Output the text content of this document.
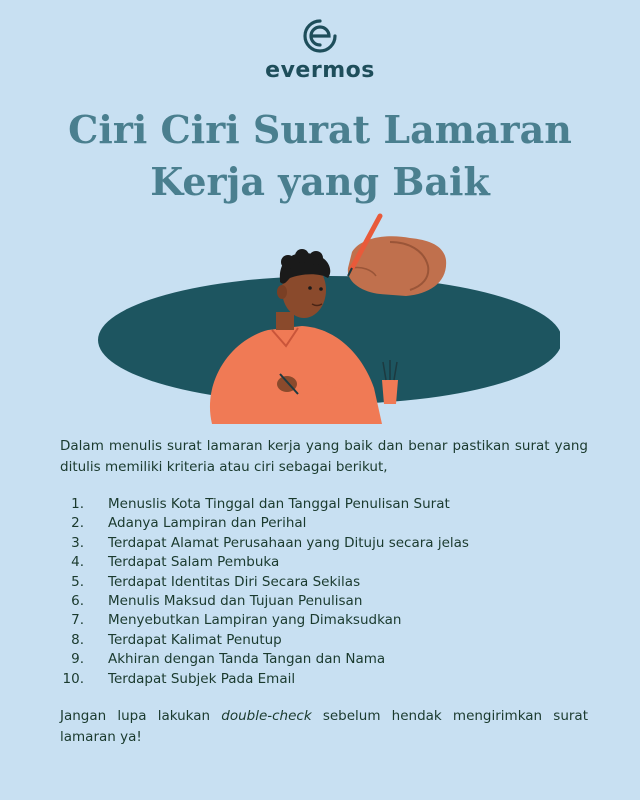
evermos
Ciri Ciri Surat Lamaran
Kerja yang Baik

Dalam menulis surat lamaran kerja yang baik dan benar pastikan surat yang ditulis memiliki kriteria atau ciri sebagai berikut,

1. Menuslis Kota Tinggal dan Tanggal Penulisan Surat
2. Adanya Lampiran dan Perihal
3. Terdapat Alamat Perusahaan yang Dituju secara jelas
4. Terdapat Salam Pembuka
5. Terdapat Identitas Diri Secara Sekilas
6. Menulis Maksud dan Tujuan Penulisan
7. Menyebutkan Lampiran yang Dimaksudkan
8. Terdapat Kalimat Penutup
9. Akhiran dengan Tanda Tangan dan Nama
10. Terdapat Subjek Pada Email

Jangan lupa lakukan double-check sebelum hendak mengirimkan surat lamaran ya!
